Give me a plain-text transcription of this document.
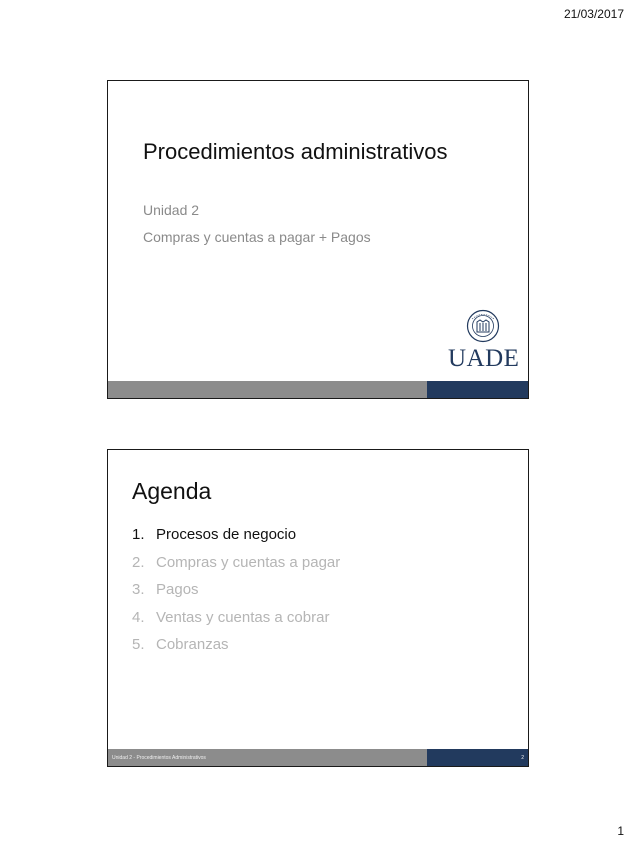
21/03/2017
Procedimientos administrativos
Unidad 2
Compras y cuentas a pagar + Pagos
UADE
Agenda
1. Procesos de negocio
2. Compras y cuentas a pagar
3. Pagos
4. Ventas y cuentas a cobrar
5. Cobranzas
Unidad 2 - Procedimientos Administrativos	2
1
